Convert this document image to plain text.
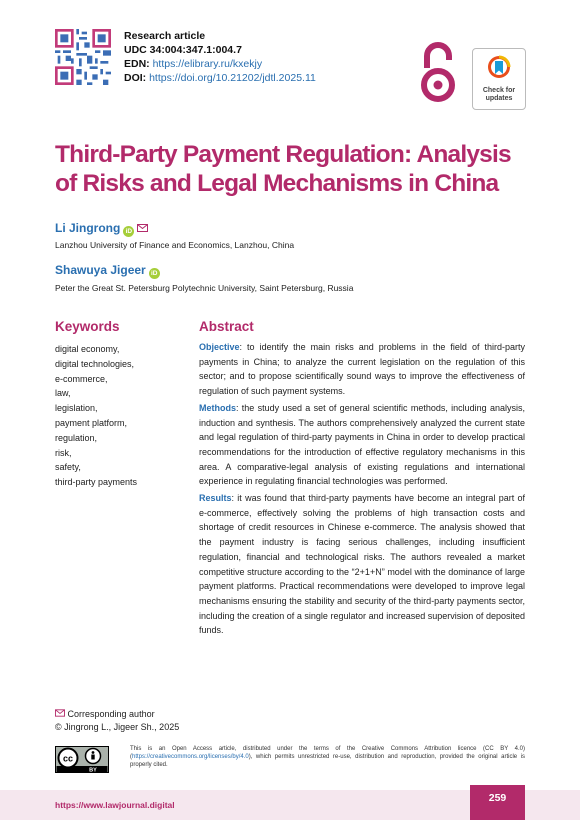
Research article
UDC 34:004:347.1:004.7
EDN: https://elibrary.ru/kxekjy
DOI: https://doi.org/10.21202/jdtl.2025.11
Check for updates
Third-Party Payment Regulation: Analysis
of Risks and Legal Mechanisms in China
Li Jingrong iD
Lanzhou University of Finance and Economics, Lanzhou, China
Shawuya Jigeer iD
Peter the Great St. Petersburg Polytechnic University, Saint Petersburg, Russia
Keywords
digital economy,
digital technologies,
e-commerce,
law,
legislation,
payment platform,
regulation,
risk,
safety,
third-party payments
Abstract

Objective: to identify the main risks and problems in the field of third-party payments in China; to analyze the current legislation on the regulation of this sector; and to propose scientifically sound ways to improve the effectiveness of regulation of such payment systems.

Methods: the study used a set of general scientific methods, including analysis, induction and synthesis. The authors comprehensively analyzed the current state and legal regulation of third-party payments in China in order to develop practical recommendations for the introduction of effective regulatory mechanisms in this area. A comparative-legal analysis of existing regulations and international experience in regulating financial technologies was performed.

Results: it was found that third-party payments have become an integral part of e-commerce, effectively solving the problems of high transaction costs and shortage of credit resources in Chinese e-commerce. The analysis showed that the payment industry is facing serious challenges, including insufficient regulation, financial and technological risks. The authors revealed a market competitive structure according to the “2+1+N” model with the dominance of large payment platforms. Practical recommendations were developed to improve legal mechanisms ensuring the stability and security of the third-party payments sector, including the creation of a single regulator and increased supervision of deposited funds.

Corresponding author
© Jingrong L., Jigeer Sh., 2025
cc
BY
This is an Open Access article, distributed under the terms of the Creative Commons Attribution licence (CC BY 4.0) (https://creativecommons.org/licenses/by/4.0), which permits unrestricted re-use, distribution and reproduction, provided the original article is properly cited.
https://www.lawjournal.digital
259
